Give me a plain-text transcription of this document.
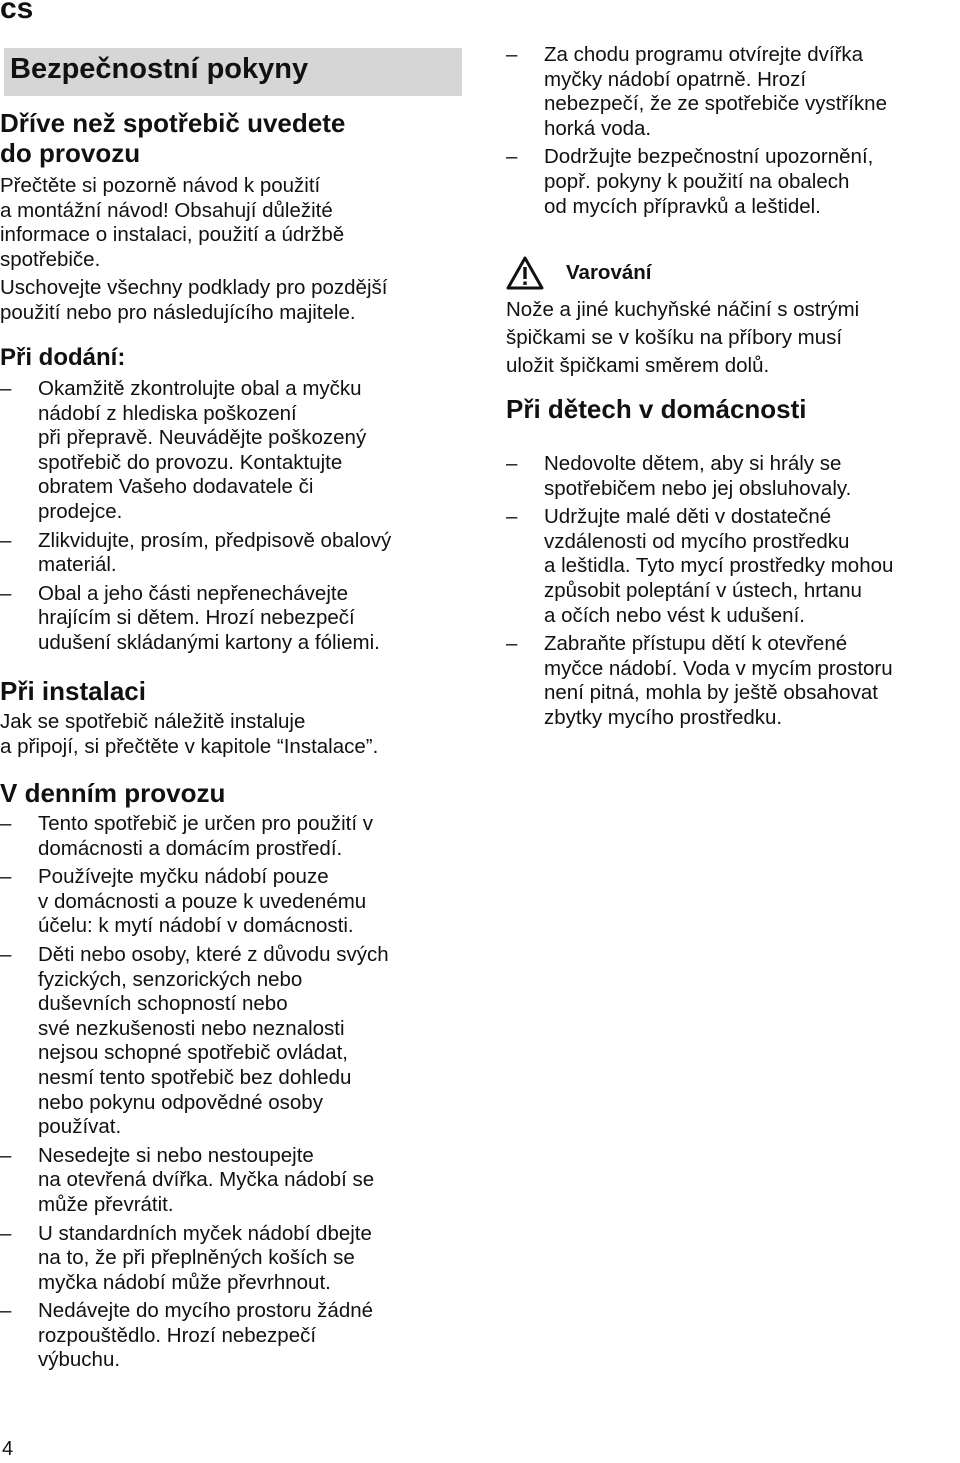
cs
Bezpečnostní pokyny
Dříve než spotřebič uvedete
do provozu

Přečtěte si pozorně návod k použití
a montážní návod! Obsahují důležité
informace o instalaci, použití a údržbě
spotřebiče.

Uschovejte všechny podklady pro pozdější
použití nebo pro následujícího majitele.

Při dodání:
– Okamžitě zkontrolujte obal a myčku
nádobí z hlediska poškození
při přepravě. Neuvádějte poškozený
spotřebič do provozu. Kontaktujte
obratem Vašeho dodavatele či
prodejce.
– Zlikvidujte, prosím, předpisově obalový
materiál.
– Obal a jeho části nepřenechávejte
hrajícím si dětem. Hrozí nebezpečí
udušení skládanými kartony a fóliemi.
Při instalaci

Jak se spotřebič náležitě instaluje
a připojí, si přečtěte v kapitole “Instalace”.

V denním provozu
– Tento spotřebič je určen pro použití v
domácnosti a domácím prostředí.
– Používejte myčku nádobí pouze
v domácnosti a pouze k uvedenému
účelu: k mytí nádobí v domácnosti.
– Děti nebo osoby, které z důvodu svých
fyzických, senzorických nebo
duševních schopností nebo
své nezkušenosti nebo neznalosti
nejsou schopné spotřebič ovládat,
nesmí tento spotřebič bez dohledu
nebo pokynu odpovědné osoby
používat.
– Nesedejte si nebo nestoupejte
na otevřená dvířka. Myčka nádobí se
může převrátit.
– U standardních myček nádobí dbejte
na to, že při přeplněných koších se
myčka nádobí může převrhnout.
– Nedávejte do mycího prostoru žádné
rozpouštědlo. Hrozí nebezpečí
výbuchu.
– Za chodu programu otvírejte dvířka
myčky nádobí opatrně. Hrozí
nebezpečí, že ze spotřebiče vystříkne
horká voda.
– Dodržujte bezpečnostní upozornění,
popř. pokyny k použití na obalech
od mycích přípravků a leštidel.
Varování

Nože a jiné kuchyňské náčiní s ostrými
špičkami se v košíku na příbory musí
uložit špičkami směrem dolů.

Při dětech v domácnosti
– Nedovolte dětem, aby si hrály se
spotřebičem nebo jej obsluhovaly.
– Udržujte malé děti v dostatečné
vzdálenosti od mycího prostředku
a leštidla. Tyto mycí prostředky mohou
způsobit poleptání v ústech, hrtanu
a očích nebo vést k udušení.
– Zabraňte přístupu dětí k otevřené
myčce nádobí. Voda v mycím prostoru
není pitná, mohla by ještě obsahovat
zbytky mycího prostředku.
4
